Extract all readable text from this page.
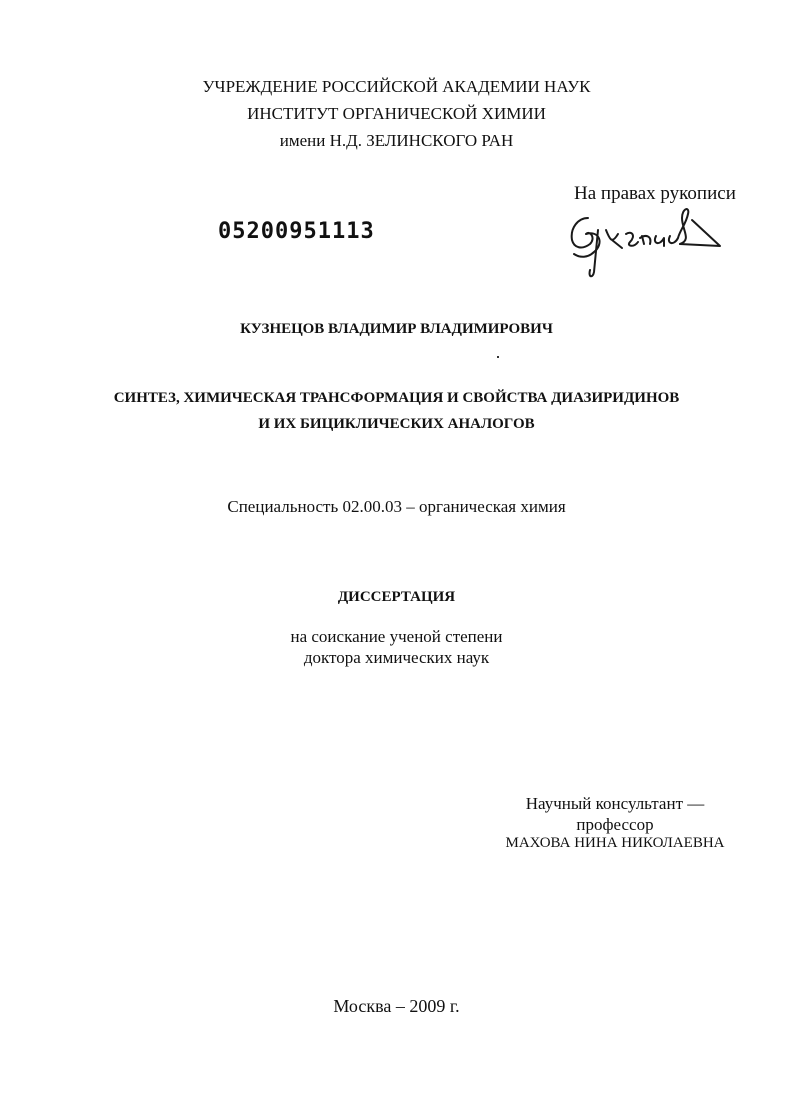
УЧРЕЖДЕНИЕ РОССИЙСКОЙ АКАДЕМИИ НАУК
ИНСТИТУТ ОРГАНИЧЕСКОЙ ХИМИИ
имени Н.Д. ЗЕЛИНСКОГО РАН
На правах рукописи
05200951113
КУЗНЕЦОВ ВЛАДИМИР ВЛАДИМИРОВИЧ
СИНТЕЗ, ХИМИЧЕСКАЯ ТРАНСФОРМАЦИЯ И СВОЙСТВА ДИАЗИРИДИНОВ
И ИХ БИЦИКЛИЧЕСКИХ АНАЛОГОВ
Специальность 02.00.03 – органическая химия
ДИССЕРТАЦИЯ
на соискание ученой степени
доктора химических наук
Научный консультант —
профессор
МАХОВА НИНА НИКОЛАЕВНА
Москва – 2009 г.
